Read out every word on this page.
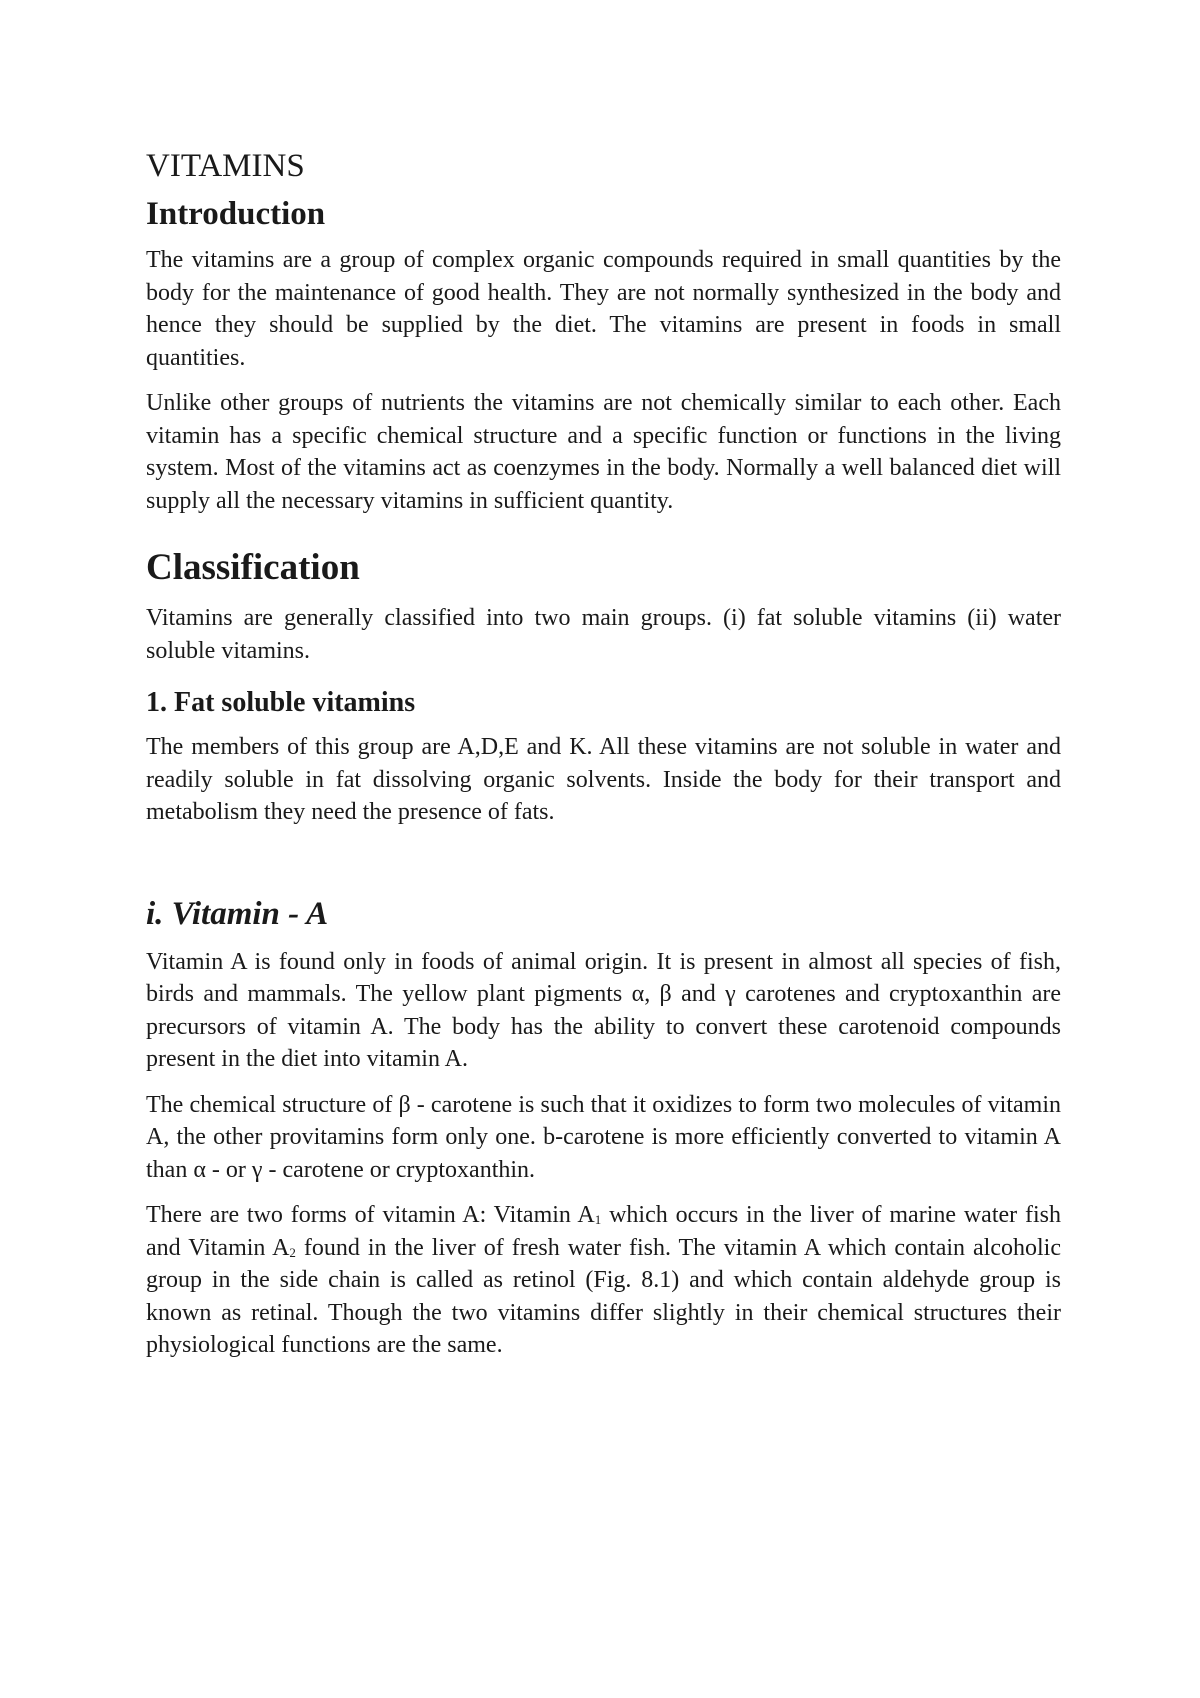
VITAMINS
Introduction

The vitamins are a group of complex organic compounds required in small quantities by the body for the maintenance of good health. They are not normally synthesized in the body and hence they should be supplied by the diet. The vitamins are present in foods in small quantities.

Unlike other groups of nutrients the vitamins are not chemically similar to each other. Each vitamin has a specific chemical structure and a specific function or functions in the living system. Most of the vitamins act as coenzymes in the body. Normally a well balanced diet will supply all the necessary vitamins in sufficient quantity.

Classification

Vitamins are generally classified into two main groups. (i) fat soluble vitamins (ii) water soluble vitamins.

1. Fat soluble vitamins

The members of this group are A,D,E and K. All these vitamins are not soluble in water and readily soluble in fat dissolving organic solvents. Inside the body for their transport and metabolism they need the presence of fats.

i. Vitamin - A

Vitamin A is found only in foods of animal origin. It is present in almost all species of fish, birds and mammals. The yellow plant pigments α, β and γ carotenes and cryptoxanthin are precursors of vitamin A. The body has the ability to convert these carotenoid compounds present in the diet into vitamin A.

The chemical structure of β - carotene is such that it oxidizes to form two molecules of vitamin A, the other provitamins form only one. b-carotene is more efficiently converted to vitamin A than α - or γ - carotene or cryptoxanthin.

There are two forms of vitamin A: Vitamin $A_1$ which occurs in the liver of marine water fish and Vitamin $A_2$ found in the liver of fresh water fish. The vitamin A which contain alcoholic group in the side chain is called as retinol (Fig. 8.1) and which contain aldehyde group is known as retinal. Though the two vitamins differ slightly in their chemical structures their physiological functions are the same.
